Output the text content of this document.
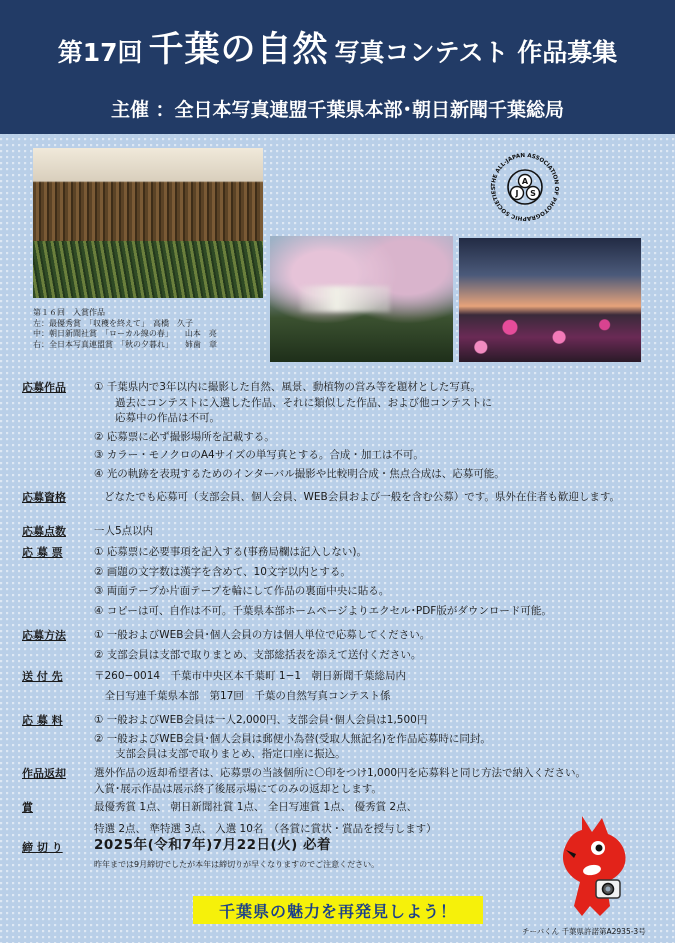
第17回 千葉の自然 写真コンテスト 作品募集
主催 ：全日本写真連盟千葉県本部･朝日新聞千葉総局
THE ALL-JAPAN ASSOCIATION OF PHOTOGRAPHIC SOCIETIES
A
J S
第１６回　入賞作品
左：最優秀賞　「収穫を終えて」　高橋　久子
中：朝日新聞社賞　「ローカル線の春」　　山本　亮
右：全日本写真連盟賞　「秋の夕暮れ」　　姉歯　章
応募作品	① 千葉県内で3年以内に撮影した自然、風景、動植物の営み等を題材とした写真。
　　過去にコンテストに入選した作品、それに類似した作品、および他コンテストに
　　応募中の作品は不可。
② 応募票に必ず撮影場所を記載する。
③ カラー・モノクロのA4サイズの単写真とする。合成・加工は不可。
④ 光の軌跡を表現するためのインターバル撮影や比較明合成・焦点合成は、応募可能。
応募資格	どなたでも応募可（支部会員、個人会員、WEB会員および一般を含む公募）です。県外在住者も歓迎します。
応募点数	一人5点以内
応 募 票	① 応募票に必要事項を記入する(事務局欄は記入しない)。
② 画題の文字数は漢字を含めて、10文字以内とする。
③ 両面テープか片面テープを輪にして作品の裏面中央に貼る。
④ コピーは可、自作は不可。千葉県本部ホームページよりエクセル･PDF版がダウンロード可能。
応募方法	① 一般およびWEB会員･個人会員の方は個人単位で応募してください。
② 支部会員は支部で取りまとめ、支部総括表を添えて送付ください。
送 付 先	〒260−0014　千葉市中央区本千葉町 1−1　朝日新聞千葉総局内
　全日写連千葉県本部　第17回　千葉の自然写真コンテスト係
応 募 料	① 一般およびWEB会員は一人2,000円、支部会員･個人会員は1,500円
② 一般およびWEB会員･個人会員は郵便小為替(受取人無記名)を作品応募時に同封。
　　支部会員は支部で取りまとめ、指定口座に振込。
作品返却	選外作品の返却希望者は、応募票の当該個所に〇印をつけ1,000円を応募料と同じ方法で納入ください。
入賞･展示作品は展示終了後展示場にてのみの返却とします。
賞	最優秀賞 1点、 朝日新聞社賞 1点、 全日写連賞 1点、 優秀賞 2点、
特選 2点、 準特選 3点、 入選 10名　（各賞に賞状・賞品を授与します）
締 切 り	2025年(令和7年)7月22日(火) 必着
昨年までは9月締切でしたが本年は締切りが早くなりますのでご注意ください。
千葉県の魅力を再発見しよう！
チーバくん 千葉県許諾第A2935-3号
